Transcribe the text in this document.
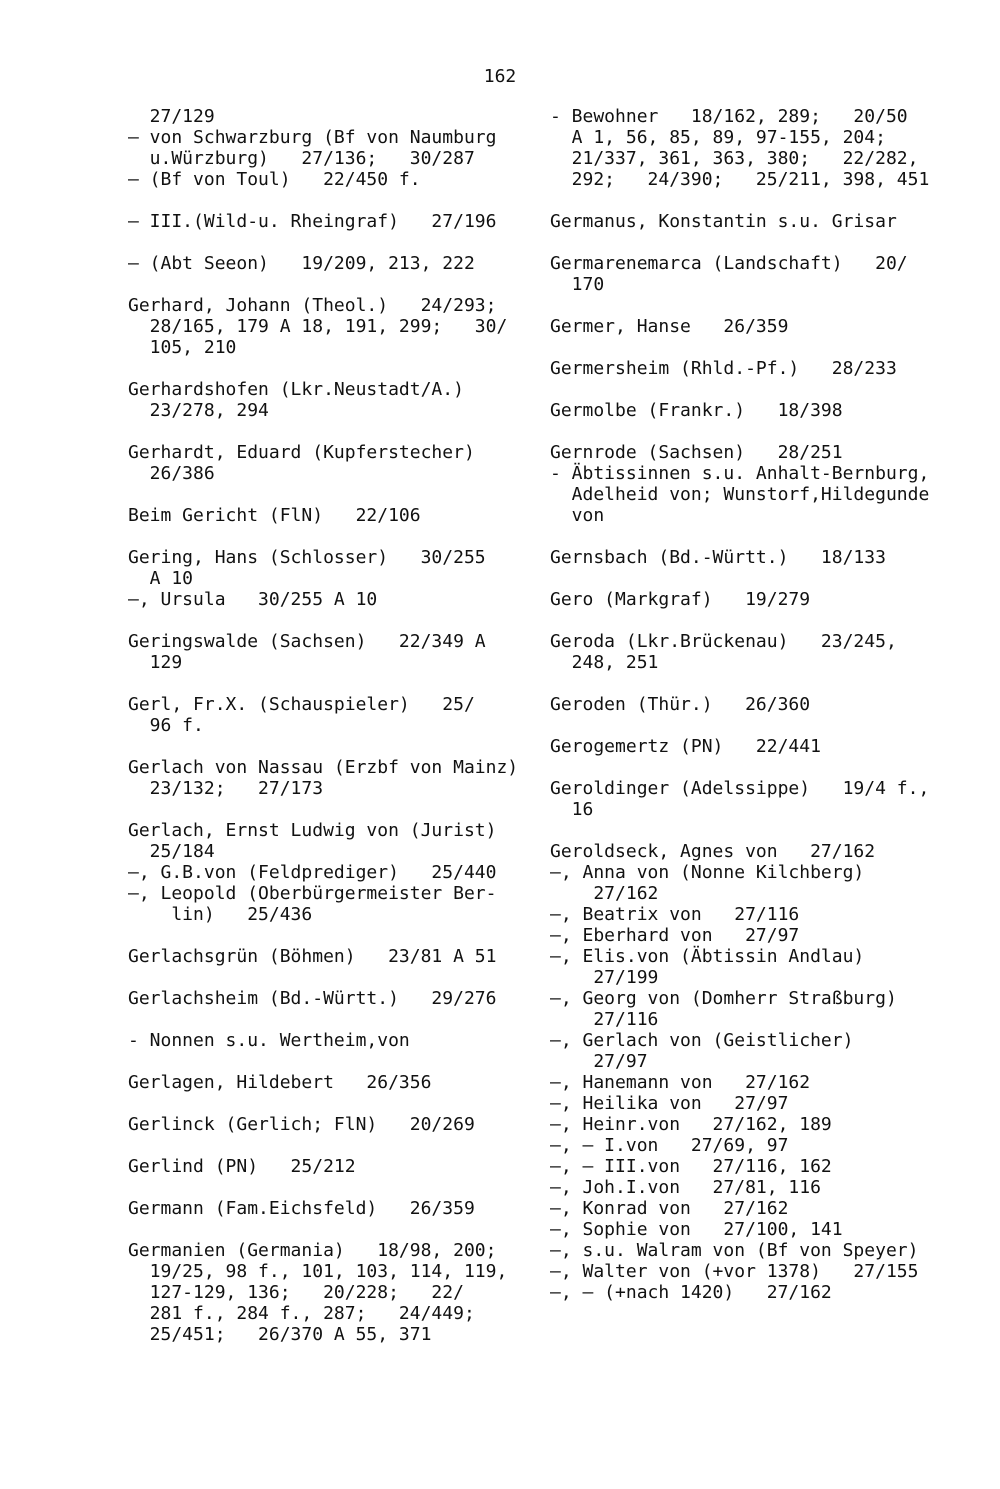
162
27/129
— von Schwarzburg (Bf von Naumburg
u.Würzburg)   27/136;   30/287
— (Bf von Toul)   22/450 f.
— III.(Wild-u. Rheingraf)   27/196
— (Abt Seeon)   19/209, 213, 222
Gerhard, Johann (Theol.)   24/293;
28/165, 179 A 18, 191, 299;   30/
105, 210
Gerhardshofen (Lkr.Neustadt/A.)
23/278, 294
Gerhardt, Eduard (Kupferstecher)
26/386
Beim Gericht (FlN)   22/106
Gering, Hans (Schlosser)   30/255
A 10
—, Ursula   30/255 A 10
Geringswalde (Sachsen)   22/349 A
129
Gerl, Fr.X. (Schauspieler)   25/
96 f.
Gerlach von Nassau (Erzbf von Mainz)
23/132;   27/173
Gerlach, Ernst Ludwig von (Jurist)
25/184
—, G.B.von (Feldprediger)   25/440
—, Leopold (Oberbürgermeister Ber-
lin)   25/436
Gerlachsgrün (Böhmen)   23/81 A 51
Gerlachsheim (Bd.-Württ.)   29/276
- Nonnen s.u. Wertheim,von
Gerlagen, Hildebert   26/356
Gerlinck (Gerlich; FlN)   20/269
Gerlind (PN)   25/212
Germann (Fam.Eichsfeld)   26/359
Germanien (Germania)   18/98, 200;
19/25, 98 f., 101, 103, 114, 119,
127-129, 136;   20/228;   22/
281 f., 284 f., 287;   24/449;
25/451;   26/370 A 55, 371
- Bewohner   18/162, 289;   20/50
A 1, 56, 85, 89, 97-155, 204;
21/337, 361, 363, 380;   22/282,
292;   24/390;   25/211, 398, 451
Germanus, Konstantin s.u. Grisar
Germarenemarca (Landschaft)   20/
170
Germer, Hanse   26/359
Germersheim (Rhld.-Pf.)   28/233
Germolbe (Frankr.)   18/398
Gernrode (Sachsen)   28/251
- Äbtissinnen s.u. Anhalt-Bernburg,
Adelheid von; Wunstorf,Hildegunde
von
Gernsbach (Bd.-Württ.)   18/133
Gero (Markgraf)   19/279
Geroda (Lkr.Brückenau)   23/245,
248, 251
Geroden (Thür.)   26/360
Gerogemertz (PN)   22/441
Geroldinger (Adelssippe)   19/4 f.,
16
Geroldseck, Agnes von   27/162
—, Anna von (Nonne Kilchberg)
27/162
—, Beatrix von   27/116
—, Eberhard von   27/97
—, Elis.von (Äbtissin Andlau)
27/199
—, Georg von (Domherr Straßburg)
27/116
—, Gerlach von (Geistlicher)
27/97
—, Hanemann von   27/162
—, Heilika von   27/97
—, Heinr.von   27/162, 189
—, — I.von   27/69, 97
—, — III.von   27/116, 162
—, Joh.I.von   27/81, 116
—, Konrad von   27/162
—, Sophie von   27/100, 141
—, s.u. Walram von (Bf von Speyer)
—, Walter von (+vor 1378)   27/155
—, — (+nach 1420)   27/162
